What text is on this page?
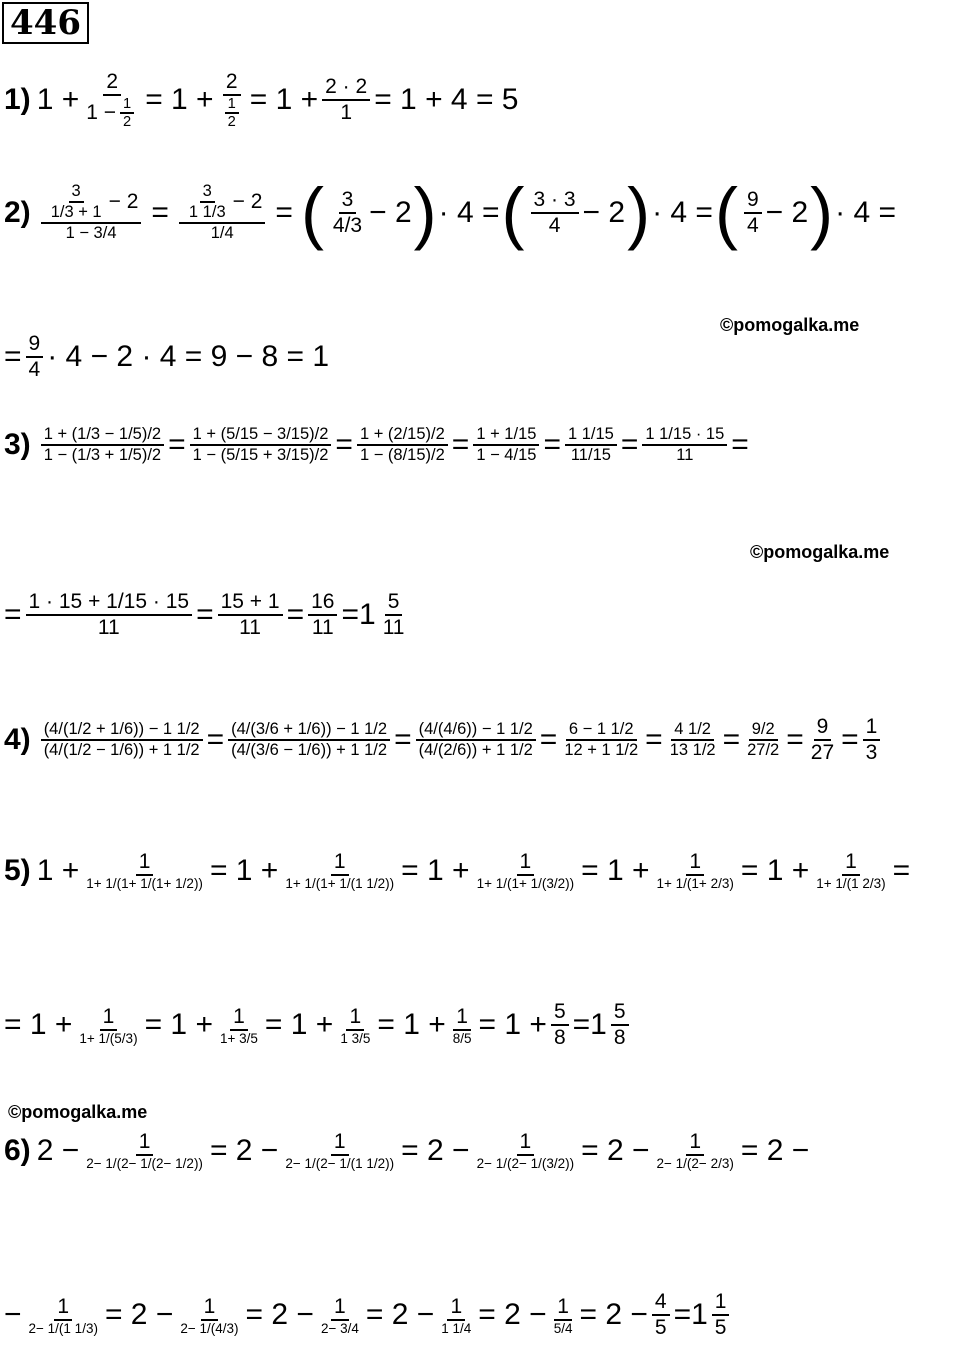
446
1) $1 + \frac{2}{1 - \frac{1}{2}} = 1 + \frac{2}{\frac{1}{2}} = 1 + \frac{2 \cdot 2}{1} = 1 + 4 = 5$
$2) \frac{\frac{3}{1/3 + 1} - 2}{1 - 3/4} = \frac{\frac{3}{1 1/3} - 2}{1/4}$ = ( $\frac{3}{4/3} - 2$ ) · 4 = ( $\frac{3 \cdot 3}{4} - 2$ ) · 4 = ( $\frac{9}{4} - 2$ ) · 4 =
©pomogalka.me
= $\frac{9}{4} \cdot 4 - 2 \cdot 4 = 9 - 8 = 1$
$3) \frac{1 + (1/3 - 1/5)/2}{1 - (1/3 + 1/5)/2} = \frac{1 + (5/15 - 3/15)/2}{1 - (5/15 + 3/15)/2} = \frac{1 + (2/15)/2}{1 - (8/15)/2} = \frac{1 + 1/15}{1 - 4/15} = \frac{1 1/15}{11/15} = \frac{1 1/15 \cdot 15}{11}$ =
©pomogalka.me
= $\frac{1 \cdot 15 + 1/15 \cdot 15}{11} = \frac{15 + 1}{11} = \frac{16}{11} = 1 \frac{5}{11}$
$4) \frac{(4/(1/2 + 1/6)) - 1 1/2}{(4/(1/2 - 1/6)) + 1 1/2} = \frac{(4/(3/6 + 1/6)) - 1 1/2}{(4/(3/6 - 1/6)) + 1 1/2} = \frac{(4/(4/6)) - 1 1/2}{(4/(2/6)) + 1 1/2} = \frac{6 - 1 1/2}{12 + 1 1/2} = \frac{4 1/2}{13 1/2} = \frac{9/2}{27/2} = \frac{9}{27} = \frac{1}{3}$
5) $1 + \frac{1}{1+ 1/(1+ 1/(1+ 1/2))} = 1 + \frac{1}{1+ 1/(1+ 1/(1 1/2))} = 1 + \frac{1}{1+ 1/(1+ 1/(3/2))} = 1 + \frac{1}{1+ 1/(1+ 2/3)} = 1 + \frac{1}{1+ 1/(1 2/3)}$ =
= $1 + \frac{1}{1+ 1/(5/3)} = 1 + \frac{1}{1+ 3/5} = 1 + \frac{1}{1 3/5} = 1 + \frac{1}{8/5} = 1 + \frac{5}{8} = 1 \frac{5}{8}$
©pomogalka.me
6) $2 - \frac{1}{2- 1/(2- 1/(2- 1/2))} = 2 - \frac{1}{2- 1/(2- 1/(1 1/2))} = 2 - \frac{1}{2- 1/(2- 1/(3/2))} = 2 - \frac{1}{2- 1/(2- 2/3)} = 2$ −
− $\frac{1}{2- 1/(1 1/3)} = 2 - \frac{1}{2- 1/(4/3)} = 2 - \frac{1}{2- 3/4} = 2 - \frac{1}{1 1/4} = 2 - \frac{1}{5/4} = 2 - \frac{4}{5} = 1 \frac{1}{5}$
